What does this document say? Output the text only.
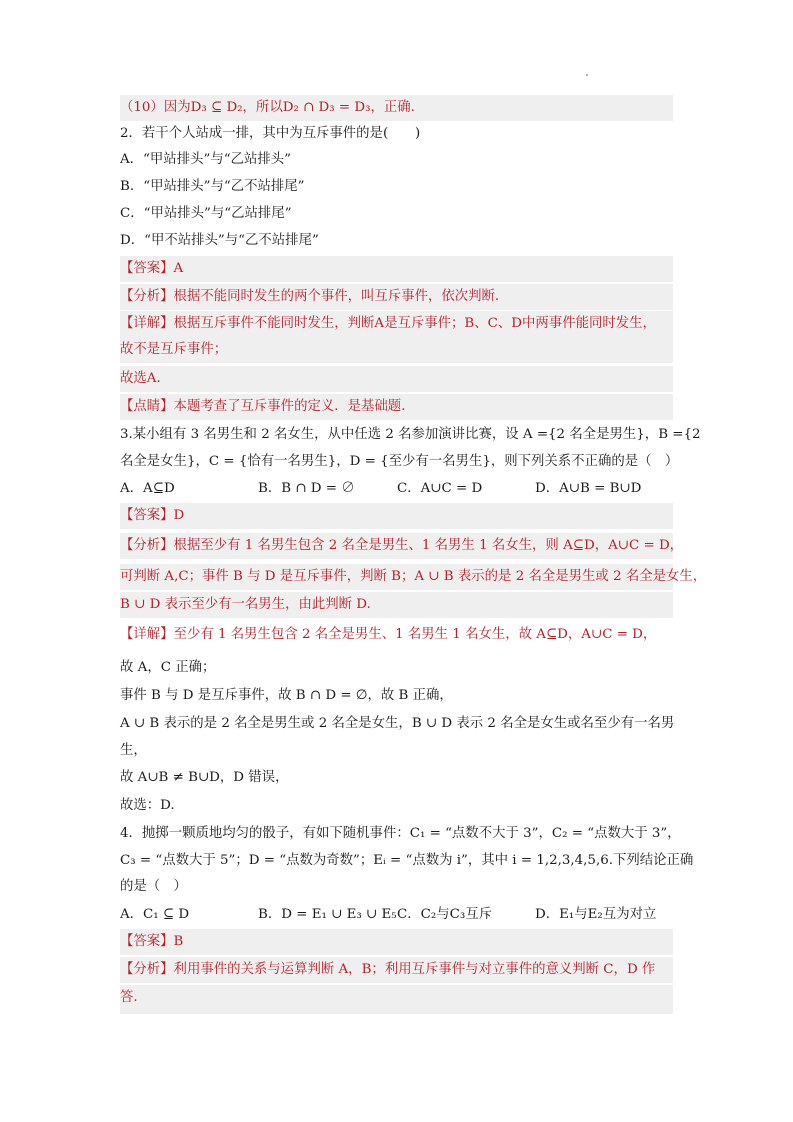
（10）因为D₃ ⊆ D₂，所以D₂ ∩ D₃ = D₃，正确．
2．若干个人站成一排，其中为互斥事件的是(　　)
A．“甲站排头”与“乙站排头”
B．“甲站排头”与“乙不站排尾”
C．“甲站排头”与“乙站排尾”
D．“甲不站排头”与“乙不站排尾”
【答案】A
【分析】根据不能同时发生的两个事件，叫互斥事件，依次判断．
【详解】根据互斥事件不能同时发生，判断A是互斥事件；B、C、D中两事件能同时发生，
故不是互斥事件；
故选A．
【点睛】本题考查了互斥事件的定义．是基础题．
3.某小组有 3 名男生和 2 名女生，从中任选 2 名参加演讲比赛，设 A ={2 名全是男生}，B ={2
名全是女生}，C = {恰有一名男生}，D = {至少有一名男生}，则下列关系不正确的是（　）
A．A⊆D	B．B ∩ D = ∅	C．A∪C = D	D．A∪B = B∪D
【答案】D
【分析】根据至少有 1 名男生包含 2 名全是男生、1 名男生 1 名女生，则 A⊆D，A∪C = D，
可判断 A,C；事件 B 与 D 是互斥事件，判断 B；A ∪ B 表示的是 2 名全是男生或 2 名全是女生，
B ∪ D 表示至少有一名男生，由此判断 D.
【详解】至少有 1 名男生包含 2 名全是男生、1 名男生 1 名女生，故 A⊆D，A∪C = D，
故 A，C 正确；
事件 B 与 D 是互斥事件，故 B ∩ D = ∅，故 B 正确，
A ∪ B 表示的是 2 名全是男生或 2 名全是女生，B ∪ D 表示 2 名全是女生或名至少有一名男
生，
故 A∪B ≠ B∪D，D 错误，
故选：D.
4．抛掷一颗质地均匀的骰子，有如下随机事件：C₁ = “点数不大于 3”，C₂ = “点数大于 3”，
C₃ = “点数大于 5”；D = “点数为奇数”；Eᵢ = “点数为 i”，其中 i = 1,2,3,4,5,6.下列结论正确
的是（　）
A．C₁ ⊆ D	B．D = E₁ ∪ E₃ ∪ E₅ C．C₂与C₃互斥	D．E₁与E₂互为对立
【答案】B
【分析】利用事件的关系与运算判断 A，B；利用互斥事件与对立事件的意义判断 C，D 作
答.
